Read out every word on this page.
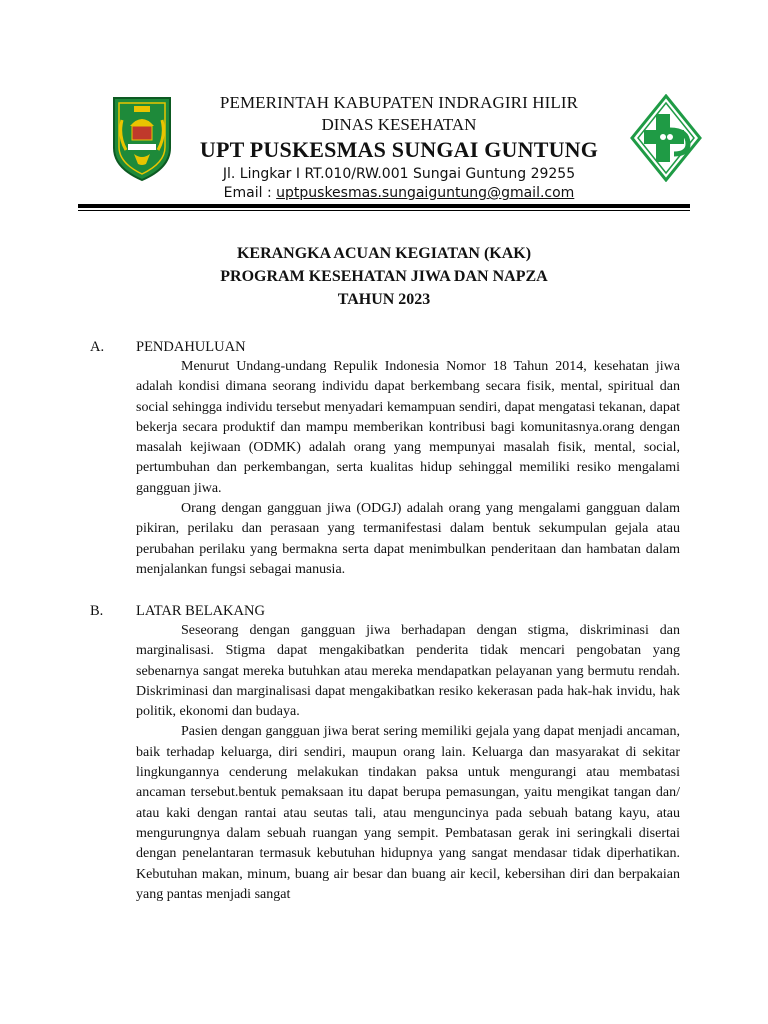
PEMERINTAH KABUPATEN INDRAGIRI HILIR
DINAS KESEHATAN
UPT PUSKESMAS SUNGAI GUNTUNG
Jl. Lingkar I RT.010/RW.001 Sungai Guntung 29255
Email : uptpuskesmas.sungaiguntung@gmail.com
KERANGKA ACUAN KEGIATAN (KAK)
PROGRAM KESEHATAN JIWA DAN NAPZA
TAHUN 2023
A.	PENDAHULUAN

Menurut Undang-undang Repulik Indonesia Nomor 18 Tahun 2014, kesehatan jiwa adalah kondisi dimana seorang individu dapat berkembang secara fisik, mental, spiritual dan social sehingga individu tersebut menyadari kemampuan sendiri, dapat mengatasi tekanan, dapat bekerja secara produktif dan mampu memberikan kontribusi bagi komunitasnya.orang dengan masalah kejiwaan (ODMK) adalah orang yang mempunyai masalah fisik, mental, social, pertumbuhan dan perkembangan, serta kualitas hidup sehinggal memiliki resiko mengalami gangguan jiwa.

Orang dengan gangguan jiwa (ODGJ) adalah orang yang mengalami gangguan dalam pikiran, perilaku dan perasaan yang termanifestasi dalam bentuk sekumpulan gejala atau perubahan perilaku yang bermakna serta dapat menimbulkan penderitaan dan hambatan dalam menjalankan fungsi sebagai manusia.

B.	LATAR BELAKANG

Seseorang dengan gangguan jiwa berhadapan dengan stigma, diskriminasi dan marginalisasi. Stigma dapat mengakibatkan penderita tidak mencari pengobatan yang sebenarnya sangat mereka butuhkan atau mereka mendapatkan pelayanan yang bermutu rendah. Diskriminasi dan marginalisasi dapat mengakibatkan resiko kekerasan pada hak-hak invidu, hak politik, ekonomi dan budaya.

Pasien dengan gangguan jiwa berat sering memiliki gejala yang dapat menjadi ancaman, baik terhadap keluarga, diri sendiri, maupun orang lain. Keluarga dan masyarakat di sekitar lingkungannya cenderung melakukan tindakan paksa untuk mengurangi atau membatasi ancaman tersebut.bentuk pemaksaan itu dapat berupa pemasungan, yaitu mengikat tangan dan/ atau kaki dengan rantai atau seutas tali, atau menguncinya pada sebuah batang kayu, atau mengurungnya dalam sebuah ruangan yang sempit. Pembatasan gerak ini seringkali disertai dengan penelantaran termasuk kebutuhan hidupnya yang sangat mendasar tidak diperhatikan. Kebutuhan makan, minum, buang air besar dan buang air kecil, kebersihan diri dan berpakaian yang pantas menjadi sangat
